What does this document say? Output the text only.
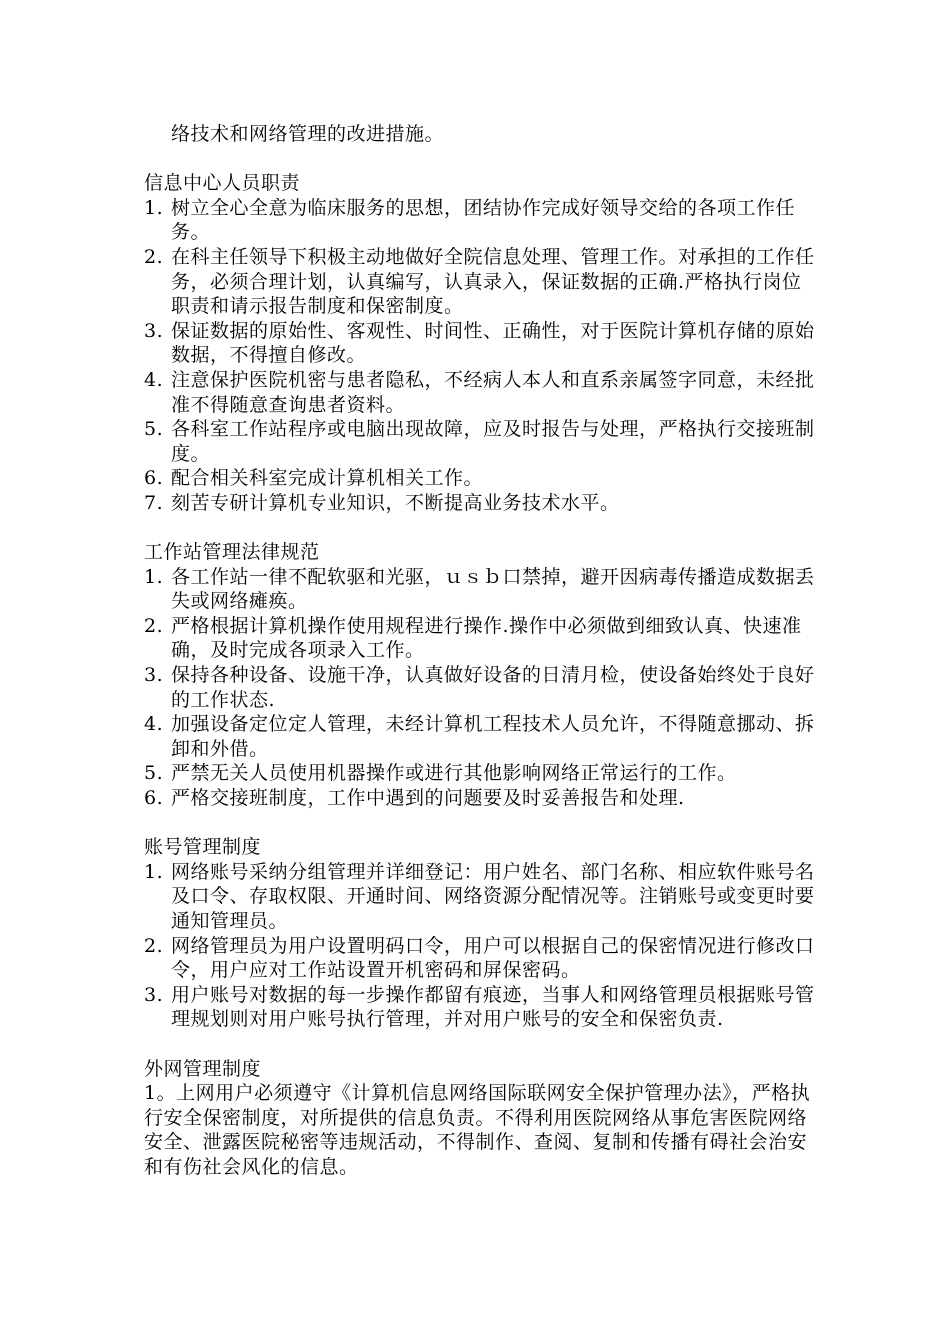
络技术和网络管理的改进措施。

信息中心人员职责

1. 树立全心全意为临床服务的思想，团结协作完成好领导交给的各项工作任务。
2. 在科主任领导下积极主动地做好全院信息处理、管理工作。对承担的工作任务，必须合理计划，认真编写，认真录入，保证数据的正确.严格执行岗位职责和请示报告制度和保密制度。
3. 保证数据的原始性、客观性、时间性、正确性，对于医院计算机存储的原始数据，不得擅自修改。
4. 注意保护医院机密与患者隐私，不经病人本人和直系亲属签字同意，未经批准不得随意查询患者资料。
5. 各科室工作站程序或电脑出现故障，应及时报告与处理，严格执行交接班制度。
6. 配合相关科室完成计算机相关工作。
7. 刻苦专研计算机专业知识，不断提高业务技术水平。

工作站管理法律规范

1. 各工作站一律不配软驱和光驱，ｕｓｂ口禁掉，避开因病毒传播造成数据丢失或网络瘫痪。
2. 严格根据计算机操作使用规程进行操作.操作中必须做到细致认真、快速准确，及时完成各项录入工作。
3. 保持各种设备、设施干净，认真做好设备的日清月检，使设备始终处于良好的工作状态.
4. 加强设备定位定人管理，未经计算机工程技术人员允许，不得随意挪动、拆卸和外借。
5. 严禁无关人员使用机器操作或进行其他影响网络正常运行的工作。
6. 严格交接班制度，工作中遇到的问题要及时妥善报告和处理.

账号管理制度

1. 网络账号采纳分组管理并详细登记：用户姓名、部门名称、相应软件账号名及口令、存取权限、开通时间、网络资源分配情况等。注销账号或变更时要通知管理员。
2. 网络管理员为用户设置明码口令，用户可以根据自己的保密情况进行修改口令，用户应对工作站设置开机密码和屏保密码。
3. 用户账号对数据的每一步操作都留有痕迹，当事人和网络管理员根据账号管理规划则对用户账号执行管理，并对用户账号的安全和保密负责.

外网管理制度

1。上网用户必须遵守《计算机信息网络国际联网安全保护管理办法》，严格执行安全保密制度，对所提供的信息负责。不得利用医院网络从事危害医院网络安全、泄露医院秘密等违规活动，不得制作、查阅、复制和传播有碍社会治安和有伤社会风化的信息。
